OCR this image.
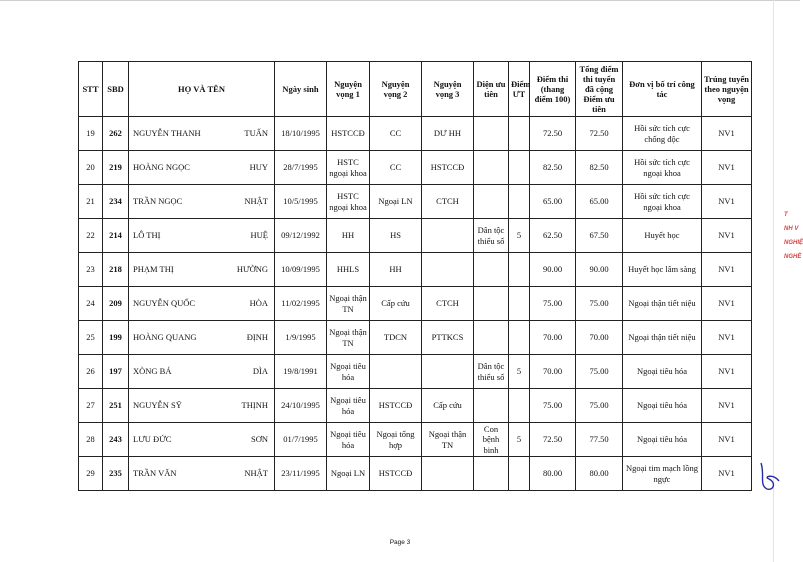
STT	SBD	HỌ VÀ TÊN	Ngày sinh	Nguyện vọng 1	Nguyện vọng 2	Nguyện vọng 3	Diện ưu tiên	Điểm ƯT	Điểm thi (thang điểm 100)	Tổng điểm thi tuyển đã cộng Điểm ưu tiên	Đơn vị bố trí công tác	Trúng tuyển theo nguyện vọng
19	262	NGUYỄN THANH TUẤN	18/10/1995	HSTCCĐ	CC	DƯ HH			72.50	72.50	Hồi sức tích cực chống độc	NV1
20	219	HOÀNG NGỌC HUY	28/7/1995	HSTC ngoại khoa	CC	HSTCCĐ			82.50	82.50	Hồi sức tích cực ngoại khoa	NV1
21	234	TRẦN NGỌC NHẬT	10/5/1995	HSTC ngoại khoa	Ngoại LN	CTCH			65.00	65.00	Hồi sức tích cực ngoại khoa	NV1
22	214	LÔ THỊ HUỆ	09/12/1992	HH	HS		Dân tộc thiểu số	5	62.50	67.50	Huyết học	NV1
23	218	PHẠM THỊ HƯỜNG	10/09/1995	HHLS	HH				90.00	90.00	Huyết học lâm sàng	NV1
24	209	NGUYỄN QUỐC HÒA	11/02/1995	Ngoại thận TN	Cấp cứu	CTCH			75.00	75.00	Ngoại thận tiết niệu	NV1
25	199	HOÀNG QUANG ĐỊNH	1/9/1995	Ngoại thận TN	TDCN	PTTKCS			70.00	70.00	Ngoại thận tiết niệu	NV1
26	197	XÒNG BÁ DÌA	19/8/1991	Ngoại tiêu hóa			Dân tộc thiểu số	5	70.00	75.00	Ngoại tiêu hóa	NV1
27	251	NGUYỄN SỸ THỊNH	24/10/1995	Ngoại tiêu hóa	HSTCCĐ	Cấp cứu			75.00	75.00	Ngoại tiêu hóa	NV1
28	243	LƯU ĐỨC SƠN	01/7/1995	Ngoại tiêu hóa	Ngoại tổng hợp	Ngoại thận TN	Con bệnh binh	5	72.50	77.50	Ngoại tiêu hóa	NV1
29	235	TRẦN VĂN NHẬT	23/11/1995	Ngoại LN	HSTCCĐ				80.00	80.00	Ngoại tim mạch lồng ngực	NV1
T
NH V
NGHIỆ
NGHỀ
Page 3
